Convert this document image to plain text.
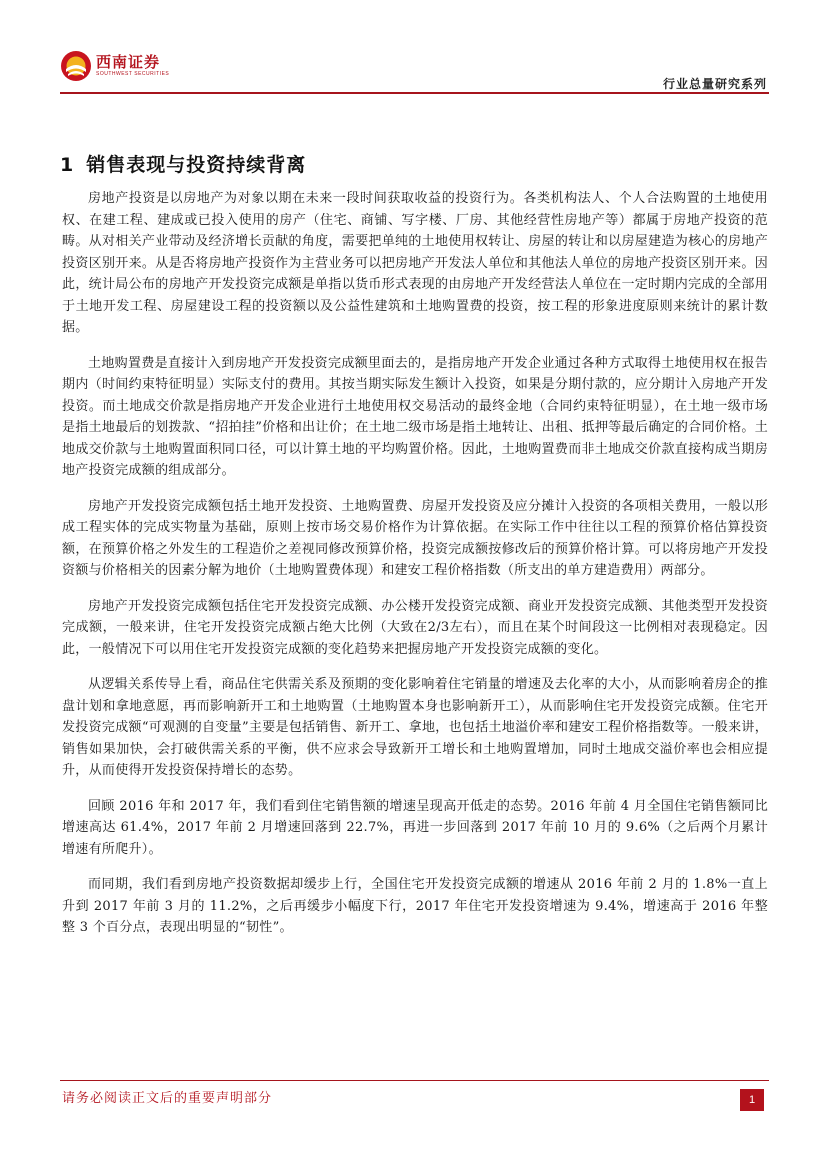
西南证券
SOUTHWEST SECURITIES
行业总量研究系列
1 销售表现与投资持续背离

房地产投资是以房地产为对象以期在未来一段时间获取收益的投资行为。各类机构法人、个人合法购置的土地使用权、在建工程、建成或已投入使用的房产（住宅、商铺、写字楼、厂房、其他经营性房地产等）都属于房地产投资的范畴。从对相关产业带动及经济增长贡献的角度，需要把单纯的土地使用权转让、房屋的转让和以房屋建造为核心的房地产投资区别开来。从是否将房地产投资作为主营业务可以把房地产开发法人单位和其他法人单位的房地产投资区别开来。因此，统计局公布的房地产开发投资完成额是单指以货币形式表现的由房地产开发经营法人单位在一定时期内完成的全部用于土地开发工程、房屋建设工程的投资额以及公益性建筑和土地购置费的投资，按工程的形象进度原则来统计的累计数据。

土地购置费是直接计入到房地产开发投资完成额里面去的，是指房地产开发企业通过各种方式取得土地使用权在报告期内（时间约束特征明显）实际支付的费用。其按当期实际发生额计入投资，如果是分期付款的，应分期计入房地产开发投资。而土地成交价款是指房地产开发企业进行土地使用权交易活动的最终金地（合同约束特征明显），在土地一级市场是指土地最后的划拨款、“招拍挂”价格和出让价；在土地二级市场是指土地转让、出租、抵押等最后确定的合同价格。土地成交价款与土地购置面积同口径，可以计算土地的平均购置价格。因此，土地购置费而非土地成交价款直接构成当期房地产投资完成额的组成部分。

房地产开发投资完成额包括土地开发投资、土地购置费、房屋开发投资及应分摊计入投资的各项相关费用，一般以形成工程实体的完成实物量为基础，原则上按市场交易价格作为计算依据。在实际工作中往往以工程的预算价格估算投资额，在预算价格之外发生的工程造价之差视同修改预算价格，投资完成额按修改后的预算价格计算。可以将房地产开发投资额与价格相关的因素分解为地价（土地购置费体现）和建安工程价格指数（所支出的单方建造费用）两部分。

房地产开发投资完成额包括住宅开发投资完成额、办公楼开发投资完成额、商业开发投资完成额、其他类型开发投资完成额，一般来讲，住宅开发投资完成额占绝大比例（大致在2/3左右），而且在某个时间段这一比例相对表现稳定。因此，一般情况下可以用住宅开发投资完成额的变化趋势来把握房地产开发投资完成额的变化。

从逻辑关系传导上看，商品住宅供需关系及预期的变化影响着住宅销量的增速及去化率的大小，从而影响着房企的推盘计划和拿地意愿，再而影响新开工和土地购置（土地购置本身也影响新开工），从而影响住宅开发投资完成额。住宅开发投资完成额“可观测的自变量”主要是包括销售、新开工、拿地，也包括土地溢价率和建安工程价格指数等。一般来讲，销售如果加快，会打破供需关系的平衡，供不应求会导致新开工增长和土地购置增加，同时土地成交溢价率也会相应提升，从而使得开发投资保持增长的态势。

回顾 2016 年和 2017 年，我们看到住宅销售额的增速呈现高开低走的态势。2016 年前 4 月全国住宅销售额同比增速高达 61.4%，2017 年前 2 月增速回落到 22.7%，再进一步回落到 2017 年前 10 月的 9.6%（之后两个月累计增速有所爬升）。

而同期，我们看到房地产投资数据却缓步上行，全国住宅开发投资完成额的增速从 2016 年前 2 月的 1.8%一直上升到 2017 年前 3 月的 11.2%，之后再缓步小幅度下行，2017 年住宅开发投资增速为 9.4%，增速高于 2016 年整整 3 个百分点，表现出明显的“韧性”。

请务必阅读正文后的重要声明部分	1
